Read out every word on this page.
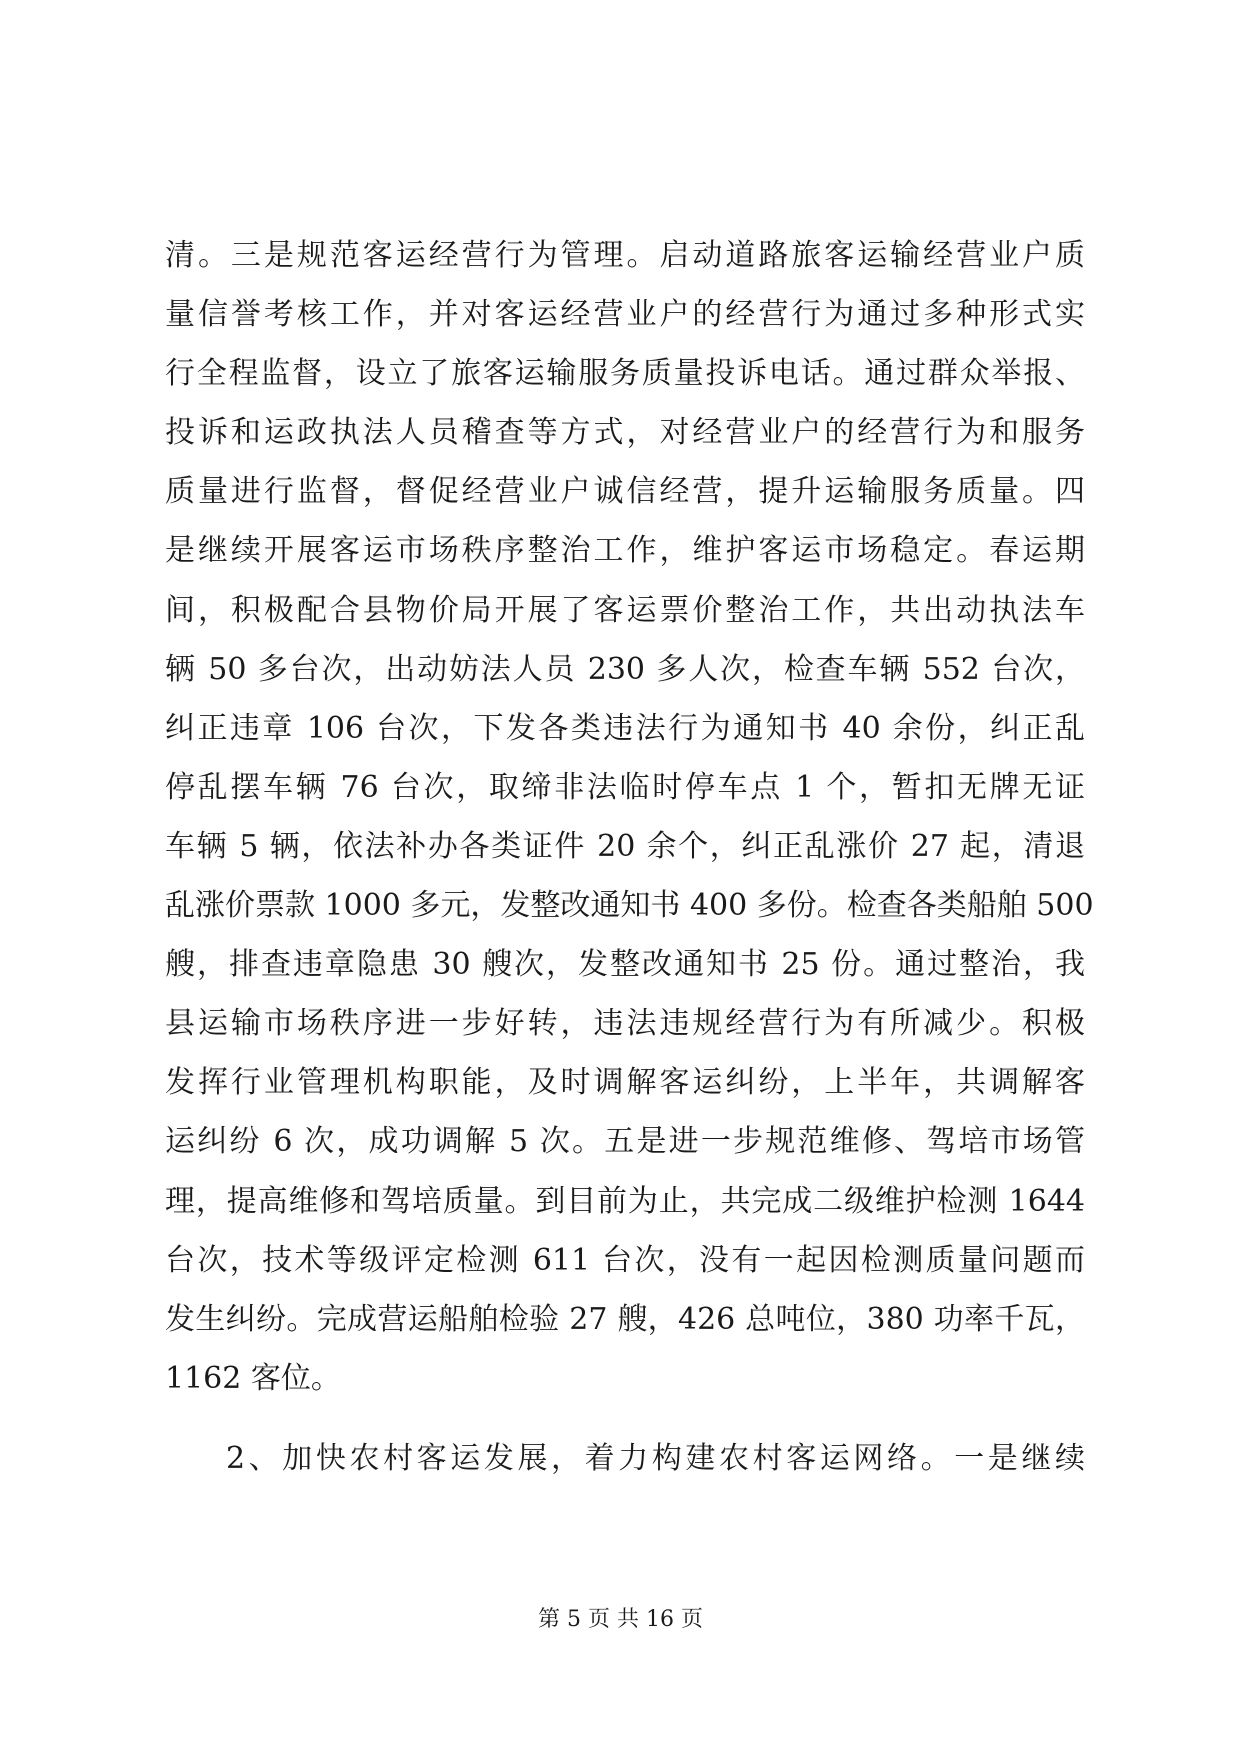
清。三是规范客运经营行为管理。启动道路旅客运输经营业户质
量信誉考核工作，并对客运经营业户的经营行为通过多种形式实
行全程监督，设立了旅客运输服务质量投诉电话。通过群众举报、
投诉和运政执法人员稽查等方式，对经营业户的经营行为和服务
质量进行监督，督促经营业户诚信经营，提升运输服务质量。四
是继续开展客运市场秩序整治工作，维护客运市场稳定。春运期
间，积极配合县物价局开展了客运票价整治工作，共出动执法车
辆 50 多台次，出动妨法人员 230 多人次，检查车辆 552 台次，
纠正违章 106 台次，下发各类违法行为通知书 40 余份，纠正乱
停乱摆车辆 76 台次，取缔非法临时停车点 1 个，暂扣无牌无证
车辆 5 辆，依法补办各类证件 20 余个，纠正乱涨价 27 起，清退
乱涨价票款 1000 多元，发整改通知书 400 多份。检查各类船舶 500
艘，排查违章隐患 30 艘次，发整改通知书 25 份。通过整治，我
县运输市场秩序进一步好转，违法违规经营行为有所减少。积极
发挥行业管理机构职能，及时调解客运纠纷，上半年，共调解客
运纠纷 6 次，成功调解 5 次。五是进一步规范维修、驾培市场管
理，提高维修和驾培质量。到目前为止，共完成二级维护检测 1644
台次，技术等级评定检测 611 台次，没有一起因检测质量问题而
发生纠纷。完成营运船舶检验 27 艘，426 总吨位，380 功率千瓦，
1162 客位。
2、加快农村客运发展，着力构建农村客运网络。一是继续
第 5 页 共 16 页
